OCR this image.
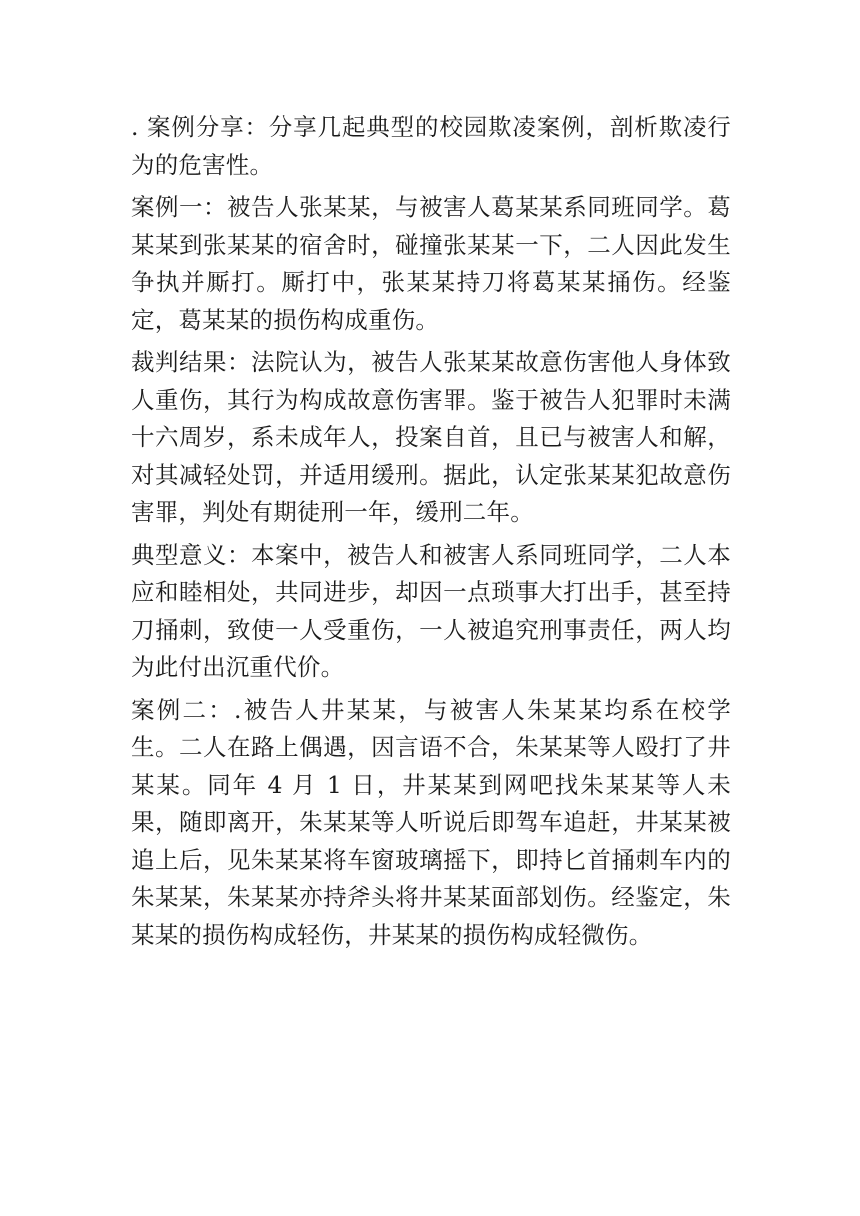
. 案例分享：分享几起典型的校园欺凌案例，剖析欺凌行为的危害性。

案例一：被告人张某某，与被害人葛某某系同班同学。葛某某到张某某的宿舍时，碰撞张某某一下，二人因此发生争执并厮打。厮打中，张某某持刀将葛某某捅伤。经鉴定，葛某某的损伤构成重伤。

裁判结果：法院认为，被告人张某某故意伤害他人身体致人重伤，其行为构成故意伤害罪。鉴于被告人犯罪时未满十六周岁，系未成年人，投案自首，且已与被害人和解，对其减轻处罚，并适用缓刑。据此，认定张某某犯故意伤害罪，判处有期徒刑一年，缓刑二年。

典型意义：本案中，被告人和被害人系同班同学，二人本应和睦相处，共同进步，却因一点琐事大打出手，甚至持刀捅刺，致使一人受重伤，一人被追究刑事责任，两人均为此付出沉重代价。

案例二：.被告人井某某，与被害人朱某某均系在校学生。二人在路上偶遇，因言语不合，朱某某等人殴打了井某某。同年 4 月 1 日，井某某到网吧找朱某某等人未果，随即离开，朱某某等人听说后即驾车追赶，井某某被追上后，见朱某某将车窗玻璃摇下，即持匕首捅刺车内的朱某某，朱某某亦持斧头将井某某面部划伤。经鉴定，朱某某的损伤构成轻伤，井某某的损伤构成轻微伤。
